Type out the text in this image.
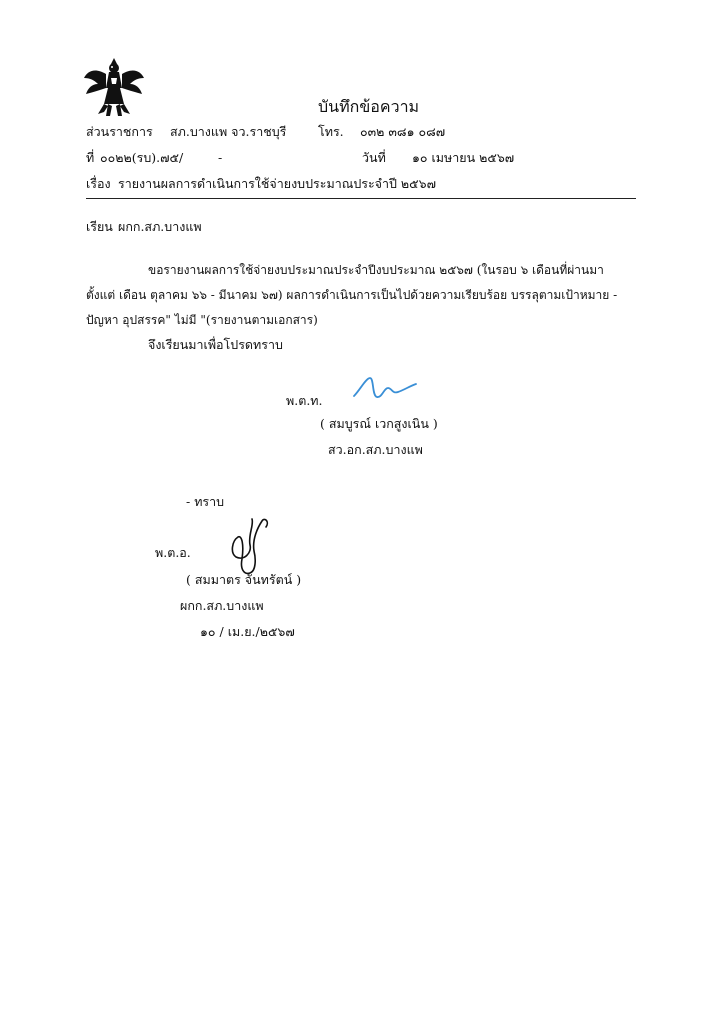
บันทึกข้อความ
ส่วนราชการ สภ.บางแพ จว.ราชบุรี	โทร. ๐๓๒ ๓๘๑ ๐๘๗
ที่ ๐๐๒๒(รบ).๗๕/	-	วันที่ ๑๐ เมษายน ๒๕๖๗
เรื่อง รายงานผลการดำเนินการใช้จ่ายงบประมาณประจำปี ๒๕๖๗
เรียน ผกก.สภ.บางแพ
ขอรายงานผลการใช้จ่ายงบประมาณประจำปีงบประมาณ ๒๕๖๗ (ในรอบ ๖ เดือนที่ผ่านมา
ตั้งแต่ เดือน ตุลาคม ๖๖ - มีนาคม ๖๗) ผลการดำเนินการเป็นไปด้วยความเรียบร้อย บรรลุตามเป้าหมาย -
ปัญหา อุปสรรค" ไม่มี "(รายงานตามเอกสาร)
จึงเรียนมาเพื่อโปรดทราบ
พ.ต.ท.
( สมบูรณ์ เวกสูงเนิน )
สว.อก.สภ.บางแพ
- ทราบ
พ.ต.อ.
( สมมาตร จันทรัตน์ )
ผกก.สภ.บางแพ
๑๐ / เม.ย./๒๕๖๗
